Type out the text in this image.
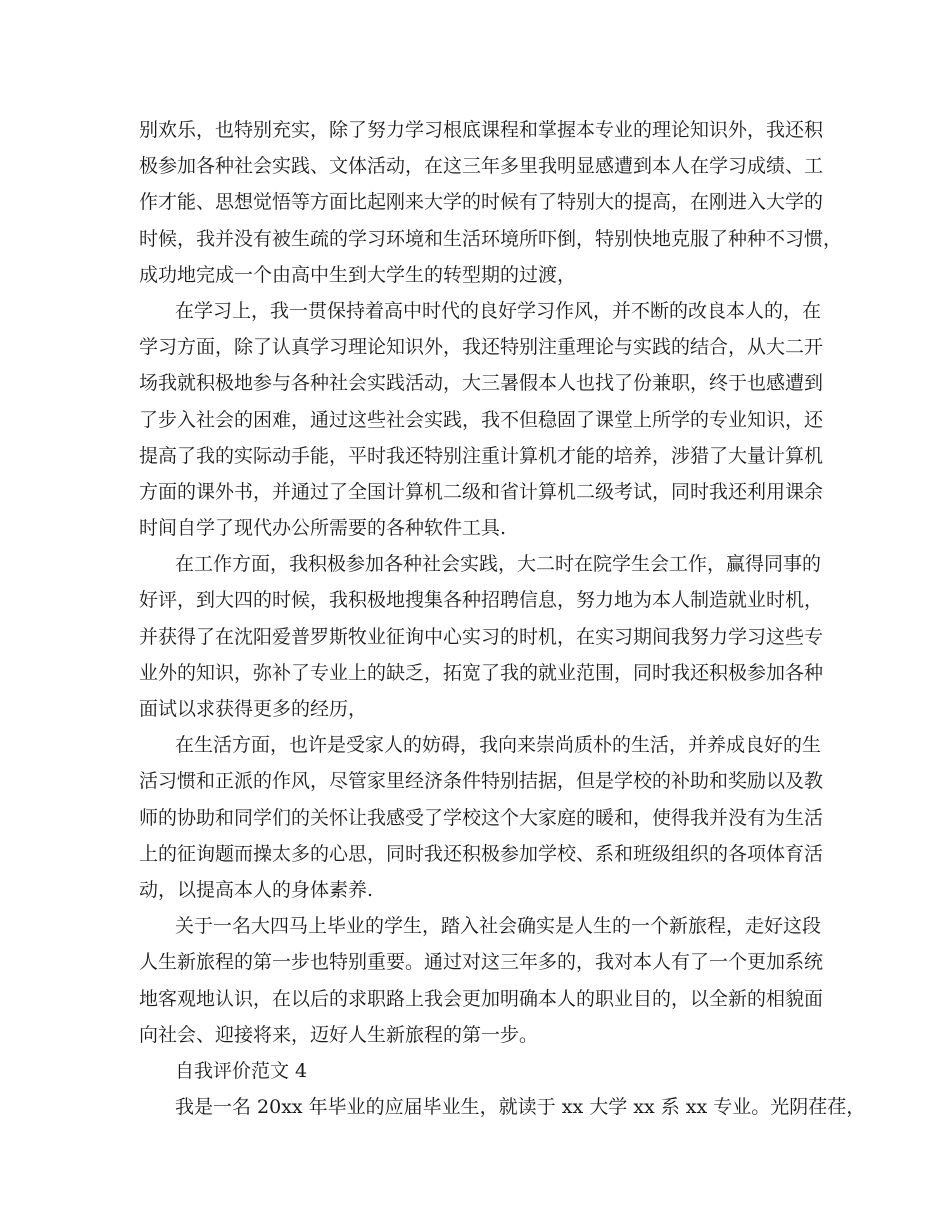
别欢乐，也特别充实，除了努力学习根底课程和掌握本专业的理论知识外，我还积
极参加各种社会实践、文体活动，在这三年多里我明显感遭到本人在学习成绩、工
作才能、思想觉悟等方面比起刚来大学的时候有了特别大的提高，在刚进入大学的
时候，我并没有被生疏的学习环境和生活环境所吓倒，特别快地克服了种种不习惯，
成功地完成一个由高中生到大学生的转型期的过渡，
在学习上，我一贯保持着高中时代的良好学习作风，并不断的改良本人的，在
学习方面，除了认真学习理论知识外，我还特别注重理论与实践的结合，从大二开
场我就积极地参与各种社会实践活动，大三暑假本人也找了份兼职，终于也感遭到
了步入社会的困难，通过这些社会实践，我不但稳固了课堂上所学的专业知识，还
提高了我的实际动手能，平时我还特别注重计算机才能的培养，涉猎了大量计算机
方面的课外书，并通过了全国计算机二级和省计算机二级考试，同时我还利用课余
时间自学了现代办公所需要的各种软件工具.
在工作方面，我积极参加各种社会实践，大二时在院学生会工作，赢得同事的
好评，到大四的时候，我积极地搜集各种招聘信息，努力地为本人制造就业时机，
并获得了在沈阳爱普罗斯牧业征询中心实习的时机，在实习期间我努力学习这些专
业外的知识，弥补了专业上的缺乏，拓宽了我的就业范围，同时我还积极参加各种
面试以求获得更多的经历，
在生活方面，也许是受家人的妨碍，我向来崇尚质朴的生活，并养成良好的生
活习惯和正派的作风，尽管家里经济条件特别拮据，但是学校的补助和奖励以及教
师的协助和同学们的关怀让我感受了学校这个大家庭的暖和，使得我并没有为生活
上的征询题而操太多的心思，同时我还积极参加学校、系和班级组织的各项体育活
动，以提高本人的身体素养.
关于一名大四马上毕业的学生，踏入社会确实是人生的一个新旅程，走好这段
人生新旅程的第一步也特别重要。通过对这三年多的，我对本人有了一个更加系统
地客观地认识，在以后的求职路上我会更加明确本人的职业目的，以全新的相貌面
向社会、迎接将来，迈好人生新旅程的第一步。
自我评价范文 4
我是一名 20xx 年毕业的应届毕业生，就读于 xx 大学 xx 系 xx 专业。光阴荏荏，
